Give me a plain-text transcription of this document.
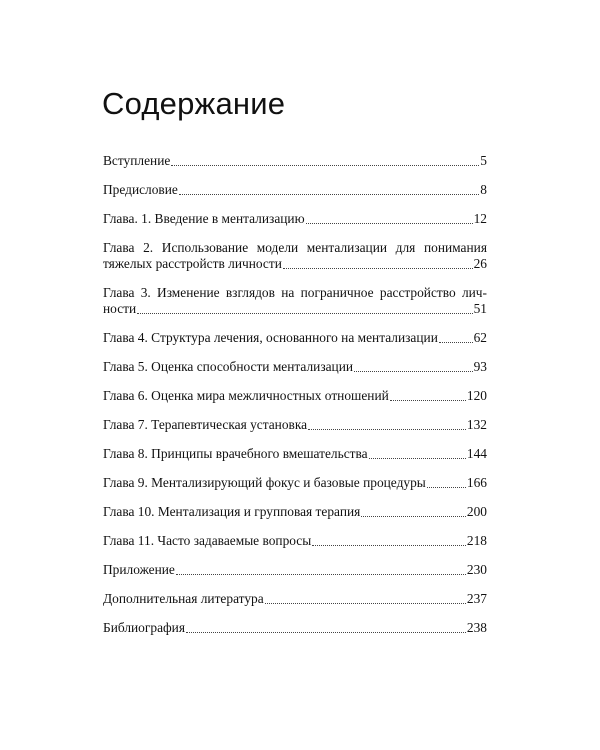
Содержание
Вступление	5
Предисловие	8
Глава. 1. Введение в ментализацию	12
Глава 2. Использование модели ментализации для понимания
тяжелых расстройств личности	26
Глава 3. Изменение взглядов на пограничное расстройство лич-
ности	51
Глава 4. Структура лечения, основанного на ментализации	62
Глава 5. Оценка способности ментализации	93
Глава 6. Оценка мира межличностных отношений	120
Глава 7. Терапевтическая установка	132
Глава 8. Принципы врачебного вмешательства	144
Глава 9. Ментализирующий фокус и базовые процедуры	166
Глава 10. Ментализация и групповая терапия	200
Глава 11. Часто задаваемые вопросы	218
Приложение	230
Дополнительная литература	237
Библиография	238
